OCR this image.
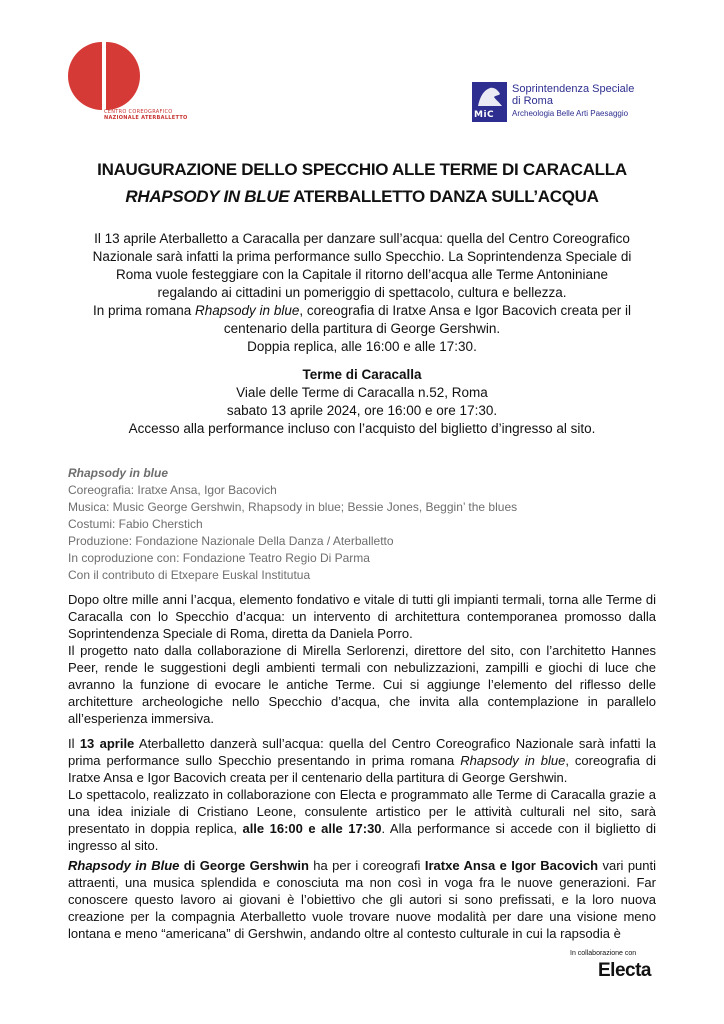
CENTRO COREOGRAFICO
NAZIONALE ATERBALLETTO	MiC
Soprintendenza Speciale
di Roma
Archeologia Belle Arti Paesaggio
INAUGURAZIONE DELLO SPECCHIO ALLE TERME DI CARACALLA
RHAPSODY IN BLUE ATERBALLETTO DANZA SULL’ACQUA

Il 13 aprile Aterballetto a Caracalla per danzare sull’acqua: quella del Centro Coreografico

Nazionale sarà infatti la prima performance sullo Specchio. La Soprintendenza Speciale di

Roma vuole festeggiare con la Capitale il ritorno dell’acqua alle Terme Antoniniane

regalando ai cittadini un pomeriggio di spettacolo, cultura e bellezza.

In prima romana Rhapsody in blue, coreografia di Iratxe Ansa e Igor Bacovich creata per il

centenario della partitura di George Gershwin.

Doppia replica, alle 16:00 e alle 17:30.

Terme di Caracalla

Viale delle Terme di Caracalla n.52, Roma

sabato 13 aprile 2024, ore 16:00 e ore 17:30.

Accesso alla performance incluso con l’acquisto del biglietto d’ingresso al sito.

Rhapsody in blue

Coreografia: Iratxe Ansa, Igor Bacovich

Musica: Music George Gershwin, Rhapsody in blue; Bessie Jones, Beggin’ the blues

Costumi: Fabio Cherstich

Produzione: Fondazione Nazionale Della Danza / Aterballetto

In coproduzione con: Fondazione Teatro Regio Di Parma

Con il contributo di Etxepare Euskal Institutua

Dopo oltre mille anni l’acqua, elemento fondativo e vitale di tutti gli impianti termali, torna alle Terme di Caracalla con lo Specchio d’acqua: un intervento di architettura contemporanea promosso dalla Soprintendenza Speciale di Roma, diretta da Daniela Porro.

Il progetto nato dalla collaborazione di Mirella Serlorenzi, direttore del sito, con l’architetto Hannes Peer, rende le suggestioni degli ambienti termali con nebulizzazioni, zampilli e giochi di luce che avranno la funzione di evocare le antiche Terme. Cui si aggiunge l’elemento del riflesso delle architetture archeologiche nello Specchio d’acqua, che invita alla contemplazione in parallelo all’esperienza immersiva.

Il 13 aprile Aterballetto danzerà sull’acqua: quella del Centro Coreografico Nazionale sarà infatti la prima performance sullo Specchio presentando in prima romana Rhapsody in blue, coreografia di Iratxe Ansa e Igor Bacovich creata per il centenario della partitura di George Gershwin.

Lo spettacolo, realizzato in collaborazione con Electa e programmato alle Terme di Caracalla grazie a una idea iniziale di Cristiano Leone, consulente artistico per le attività culturali nel sito, sarà presentato in doppia replica, alle 16:00 e alle 17:30. Alla performance si accede con il biglietto di ingresso al sito.

Rhapsody in Blue di George Gershwin ha per i coreografi Iratxe Ansa e Igor Bacovich vari punti attraenti, una musica splendida e conosciuta ma non così in voga fra le nuove generazioni. Far conoscere questo lavoro ai giovani è l’obiettivo che gli autori si sono prefissati, e la loro nuova creazione per la compagnia Aterballetto vuole trovare nuove modalità per dare una visione meno lontana e meno “americana” di Gershwin, andando oltre al contesto culturale in cui la rapsodia è

In collaborazione con
Electa
